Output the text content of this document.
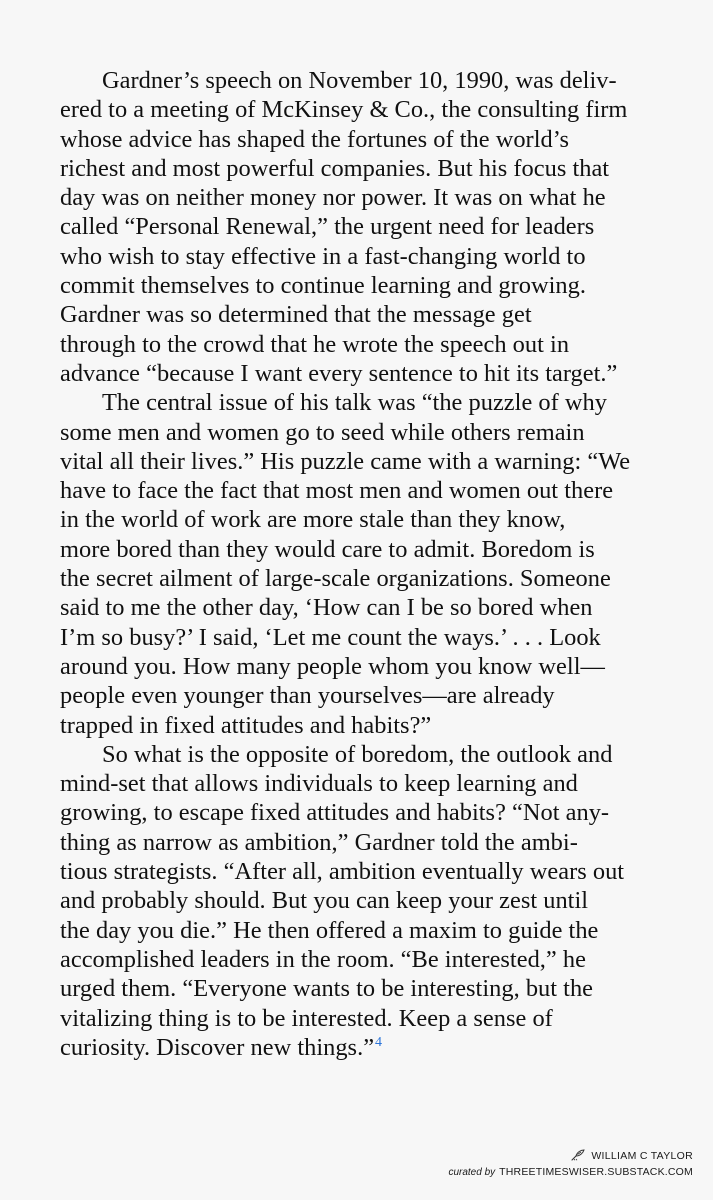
Gardner’s speech on November 10, 1990, was deliv-
ered to a meeting of McKinsey & Co., the consulting firm
whose advice has shaped the fortunes of the world’s
richest and most powerful companies. But his focus that
day was on neither money nor power. It was on what he
called “Personal Renewal,” the urgent need for leaders
who wish to stay effective in a fast-changing world to
commit themselves to continue learning and growing.
Gardner was so determined that the message get
through to the crowd that he wrote the speech out in
advance “because I want every sentence to hit its target.”
The central issue of his talk was “the puzzle of why
some men and women go to seed while others remain
vital all their lives.” His puzzle came with a warning: “We
have to face the fact that most men and women out there
in the world of work are more stale than they know,
more bored than they would care to admit. Boredom is
the secret ailment of large-scale organizations. Someone
said to me the other day, ‘How can I be so bored when
I’m so busy?’ I said, ‘Let me count the ways.’ . . . Look
around you. How many people whom you know well—
people even younger than yourselves—are already
trapped in fixed attitudes and habits?”
So what is the opposite of boredom, the outlook and
mind-set that allows individuals to keep learning and
growing, to escape fixed attitudes and habits? “Not any-
thing as narrow as ambition,” Gardner told the ambi-
tious strategists. “After all, ambition eventually wears out
and probably should. But you can keep your zest until
the day you die.” He then offered a maxim to guide the
accomplished leaders in the room. “Be interested,” he
urged them. “Everyone wants to be interesting, but the
vitalizing thing is to be interested. Keep a sense of
curiosity. Discover new things.”$^4$
WILLIAM C TAYLOR
curated by THREETIMESWISER.SUBSTACK.COM
